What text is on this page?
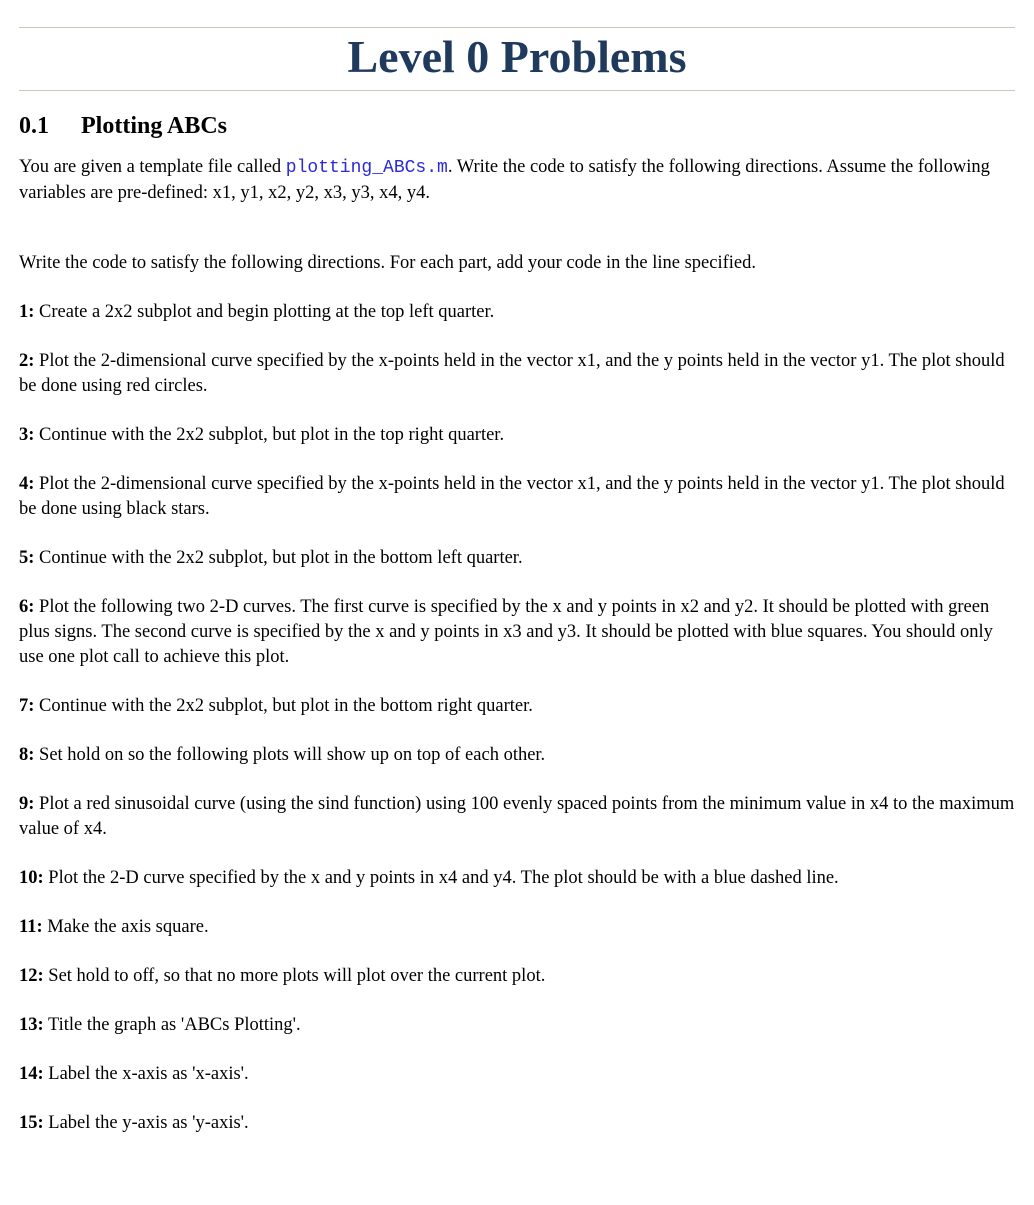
Level 0 Problems
0.1 Plotting ABCs

You are given a template file called plotting_ABCs.m. Write the code to satisfy the following directions. Assume the following variables are pre-defined: x1, y1, x2, y2, x3, y3, x4, y4.

Write the code to satisfy the following directions. For each part, add your code in the line specified.

1: Create a 2x2 subplot and begin plotting at the top left quarter.

2: Plot the 2-dimensional curve specified by the x-points held in the vector x1, and the y points held in the vector y1. The plot should be done using red circles.

3: Continue with the 2x2 subplot, but plot in the top right quarter.

4: Plot the 2-dimensional curve specified by the x-points held in the vector x1, and the y points held in the vector y1. The plot should be done using black stars.

5: Continue with the 2x2 subplot, but plot in the bottom left quarter.

6: Plot the following two 2-D curves. The first curve is specified by the x and y points in x2 and y2. It should be plotted with green plus signs. The second curve is specified by the x and y points in x3 and y3. It should be plotted with blue squares. You should only use one plot call to achieve this plot.

7: Continue with the 2x2 subplot, but plot in the bottom right quarter.

8: Set hold on so the following plots will show up on top of each other.

9: Plot a red sinusoidal curve (using the sind function) using 100 evenly spaced points from the minimum value in x4 to the maximum value of x4.

10: Plot the 2-D curve specified by the x and y points in x4 and y4. The plot should be with a blue dashed line.

11: Make the axis square.

12: Set hold to off, so that no more plots will plot over the current plot.

13: Title the graph as 'ABCs Plotting'.

14: Label the x-axis as 'x-axis'.

15: Label the y-axis as 'y-axis'.
